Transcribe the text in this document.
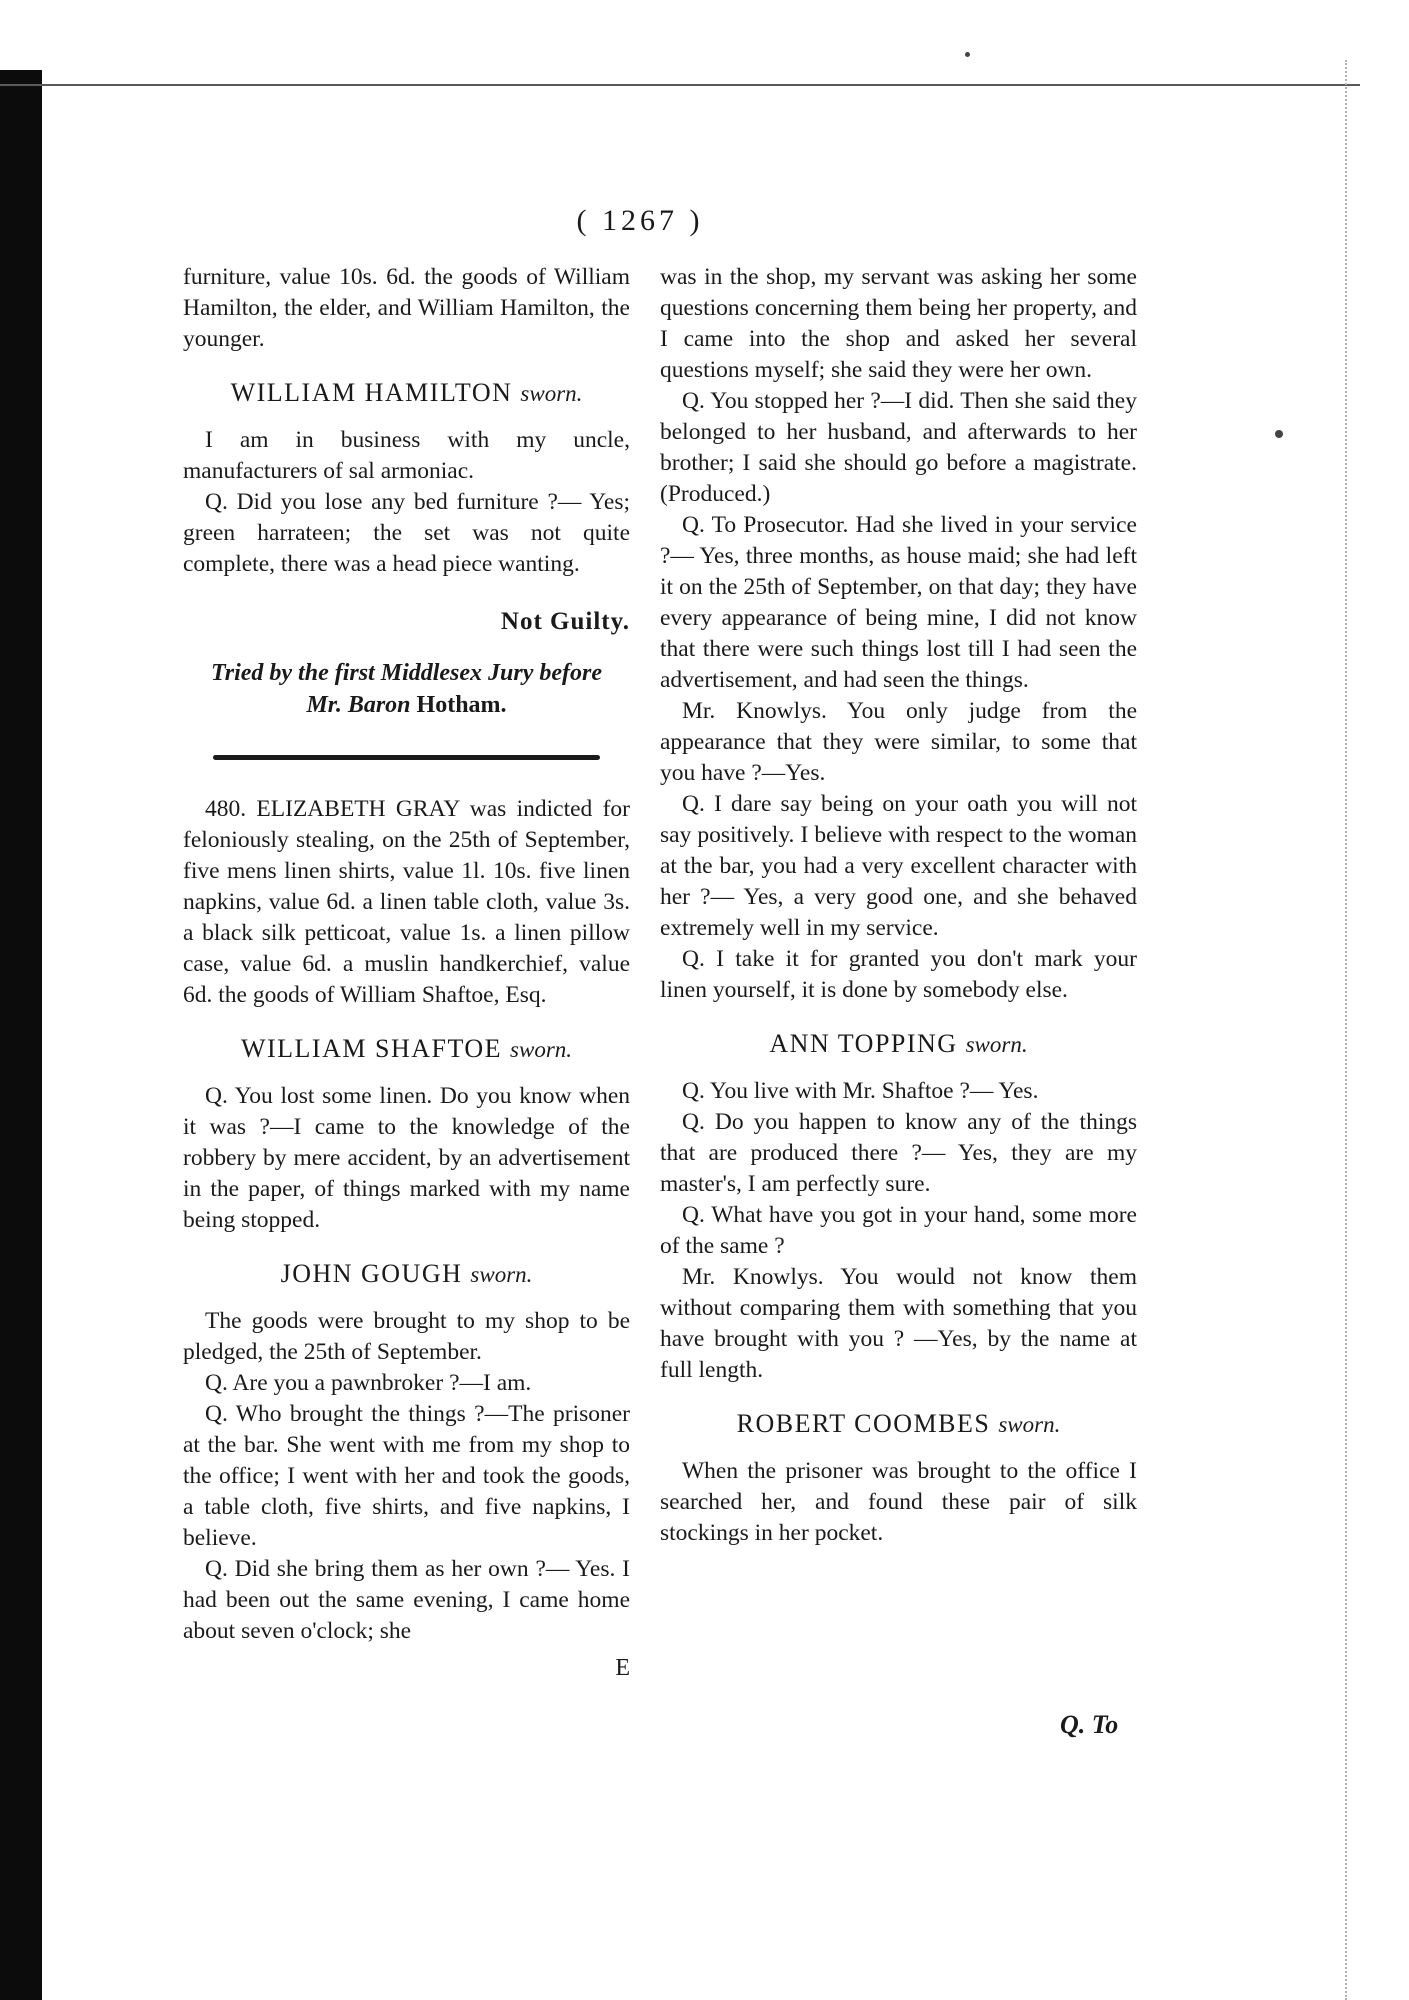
( 1267 )

furniture, value 10s. 6d. the goods of William Hamilton, the elder, and William Hamilton, the younger.

WILLIAM HAMILTON sworn.

I am in business with my uncle, manufacturers of sal armoniac.

Q. Did you lose any bed furniture ?— Yes; green harrateen; the set was not quite complete, there was a head piece wanting.

Not Guilty.
Tried by the first Middlesex Jury before
Mr. Baron Hotham.

480. ELIZABETH GRAY was indicted for feloniously stealing, on the 25th of September, five mens linen shirts, value 1l. 10s. five linen napkins, value 6d. a linen table cloth, value 3s. a black silk petticoat, value 1s. a linen pillow case, value 6d. a muslin handkerchief, value 6d. the goods of William Shaftoe, Esq.

WILLIAM SHAFTOE sworn.

Q. You lost some linen. Do you know when it was ?—I came to the knowledge of the robbery by mere accident, by an advertisement in the paper, of things marked with my name being stopped.

JOHN GOUGH sworn.

The goods were brought to my shop to be pledged, the 25th of September.

Q. Are you a pawnbroker ?—I am.

Q. Who brought the things ?—The prisoner at the bar. She went with me from my shop to the office; I went with her and took the goods, a table cloth, five shirts, and five napkins, I believe.

Q. Did she bring them as her own ?— Yes. I had been out the same evening, I came home about seven o'clock; she

E

was in the shop, my servant was asking her some questions concerning them being her property, and I came into the shop and asked her several questions myself; she said they were her own.

Q. You stopped her ?—I did. Then she said they belonged to her husband, and afterwards to her brother; I said she should go before a magistrate. (Produced.)

Q. To Prosecutor. Had she lived in your service ?— Yes, three months, as house maid; she had left it on the 25th of September, on that day; they have every appearance of being mine, I did not know that there were such things lost till I had seen the advertisement, and had seen the things.

Mr. Knowlys. You only judge from the appearance that they were similar, to some that you have ?—Yes.

Q. I dare say being on your oath you will not say positively. I believe with respect to the woman at the bar, you had a very excellent character with her ?— Yes, a very good one, and she behaved extremely well in my service.

Q. I take it for granted you don't mark your linen yourself, it is done by somebody else.

ANN TOPPING sworn.

Q. You live with Mr. Shaftoe ?— Yes.

Q. Do you happen to know any of the things that are produced there ?— Yes, they are my master's, I am perfectly sure.

Q. What have you got in your hand, some more of the same ?

Mr. Knowlys. You would not know them without comparing them with something that you have brought with you ? —Yes, by the name at full length.

ROBERT COOMBES sworn.

When the prisoner was brought to the office I searched her, and found these pair of silk stockings in her pocket.

Q. To
